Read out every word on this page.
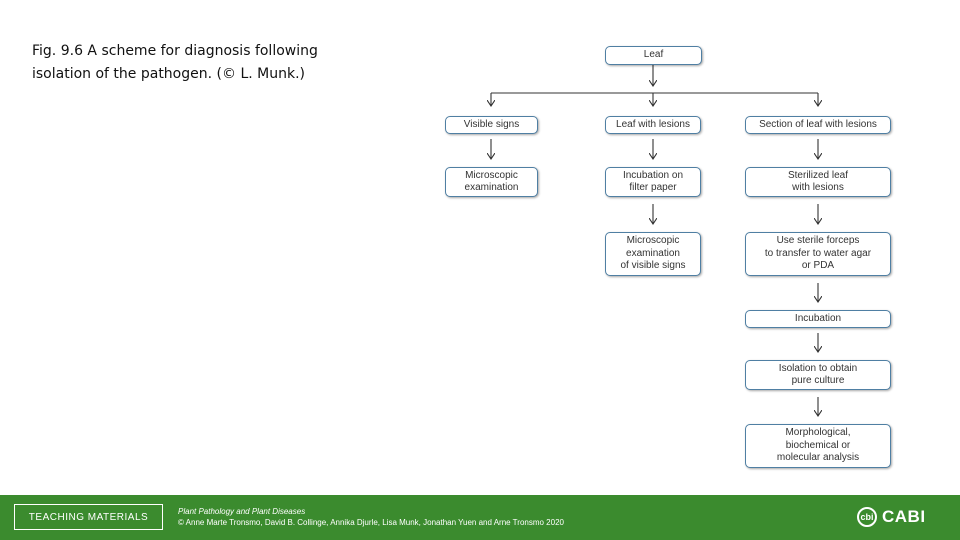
Fig. 9.6 A scheme for diagnosis following isolation of the pathogen. (© L. Munk.)
Leaf
Visible signs
Microscopic
examination
Leaf with lesions
Incubation on
filter paper
Microscopic
examination
of visible signs
Section of leaf with lesions
Sterilized leaf
with lesions
Use sterile forceps
to transfer to water agar
or PDA
Incubation
Isolation to obtain
pure culture
Morphological,
biochemical or
molecular analysis
TEACHING MATERIALS	Plant Pathology and Plant Diseases
© Anne Marte Tronsmo, David B. Collinge, Annika Djurle, Lisa Munk, Jonathan Yuen and Arne Tronsmo 2020
cbi CABI
